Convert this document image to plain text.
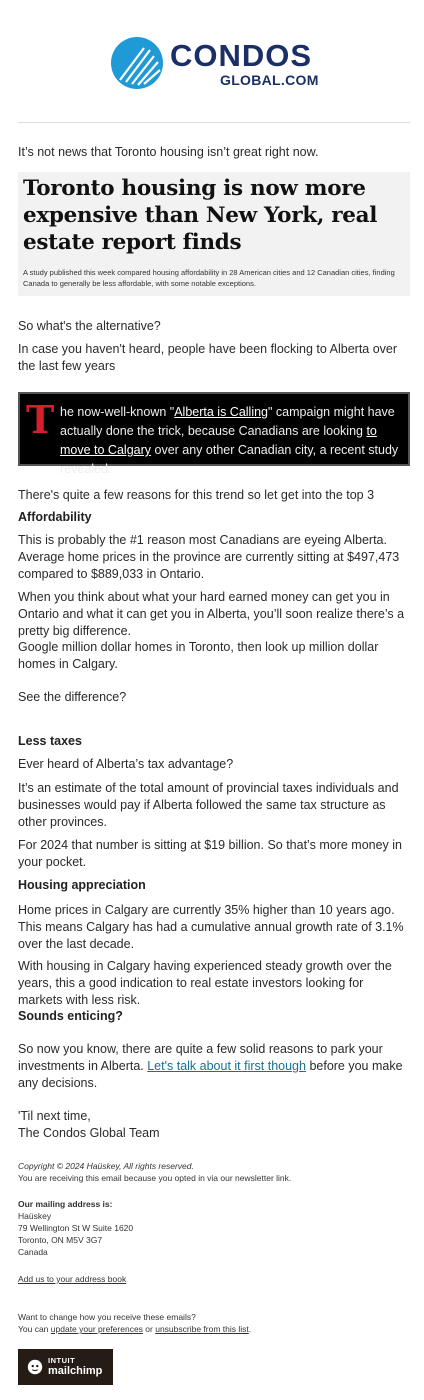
CONDOS
GLOBAL.COM

It’s not news that Toronto housing isn’t great right now.

Toronto housing is now more expensive than New York, real estate report finds
A study published this week compared housing affordability in 28 American cities and 12 Canadian cities, finding Canada to generally be less affordable, with some notable exceptions.

So what's the alternative?

In case you haven't heard, people have been flocking to Alberta over the last few years

T he now-well-known "Alberta is Calling" campaign might have actually done the trick, because Canadians are looking to move to Calgary over any other Canadian city, a recent study revealed.

There's quite a few reasons for this trend so let get into the top 3

Affordability

This is probably the #1 reason most Canadians are eyeing Alberta. Average home prices in the province are currently sitting at $497,473 compared to $889,033 in Ontario.

When you think about what your hard earned money can get you in Ontario and what it can get you in Alberta, you’ll soon realize there’s a pretty big difference.

Google million dollar homes in Toronto, then look up million dollar homes in Calgary.

See the difference?

Less taxes

Ever heard of Alberta’s tax advantage?

It’s an estimate of the total amount of provincial taxes individuals and businesses would pay if Alberta followed the same tax structure as other provinces.

For 2024 that number is sitting at $19 billion. So that’s more money in your pocket.

Housing appreciation

Home prices in Calgary are currently 35% higher than 10 years ago. This means Calgary has had a cumulative annual growth rate of 3.1% over the last decade.

With housing in Calgary having experienced steady growth over the years, this a good indication to real estate investors looking for markets with less risk.

Sounds enticing?

So now you know, there are quite a few solid reasons to park your investments in Alberta. Let's talk about it first though before you make any decisions.

'Til next time,

The Condos Global Team

Copyright © 2024 Haüskey, All rights reserved.

You are receiving this email because you opted in via our newsletter link.

Our mailing address is:

Haüskey

79 Wellington St W Suite 1620

Toronto, ON M5V 3G7

Canada

Add us to your address book

Want to change how you receive these emails?

You can update your preferences or unsubscribe from this list.

INTUIT
mailchimp
